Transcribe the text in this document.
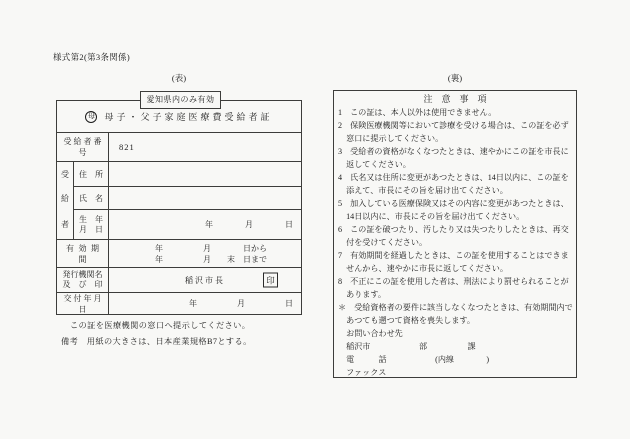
様式第2(第3条関係)
(表)	(裏)
愛知県内のみ有効
母 母子・父子家庭医療費受給者証
受給者番号
821
受
給
者
住　所
氏　名
生　年
月　日	年　　　　月　　　　日
有効期間
年　　　　　月　　　　日から
年　　　　　月　　末　日まで
発行機関名
及　び　印	稲沢市長	印
交付年月日
年　　　　　月　　　　　日
この証を医療機関の窓口へ提示してください。
備考　用紙の大きさは、日本産業規格B7とする。
注　意　事　項
1　この証は、本人以外は使用できません。
2　保険医療機関等において診療を受ける場合は、この証を必ず
　窓口に提示してください。
3　受給者の資格がなくなつたときは、速やかにこの証を市長に
　返してください。
4　氏名又は住所に変更があつたときは、14日以内に、この証を
　添えて、市長にその旨を届け出てください。
5　加入している医療保険又はその内容に変更があつたときは、
　14日以内に、市長にその旨を届け出てください。
6　この証を破つたり、汚したり又は失つたりしたときは、再交
　付を受けてください。
7　有効期間を経過したときは、この証を使用することはできま
　せんから、速やかに市長に返してください。
8　不正にこの証を使用した者は、刑法により罰せられることが
　あります。
＊　受給資格者の要件に該当しなくなつたときは、有効期間内で
　あつても遡つて資格を喪失します。
　お問い合わせ先
　稲沢市　　　　　　部　　　　　課
　電　　　話　　　　　　(内線　　　　)
　ファックス
